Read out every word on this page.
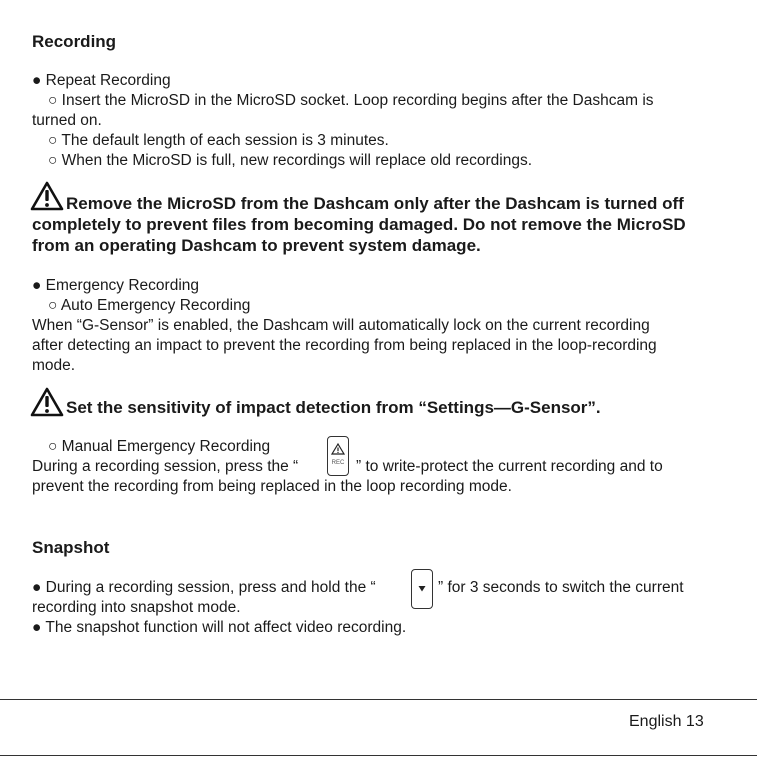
Recording
● Repeat Recording
○ Insert the MicroSD in the MicroSD socket. Loop recording begins after the Dashcam is
turned on.
○ The default length of each session is 3 minutes.
○ When the MicroSD is full, new recordings will replace old recordings.
Remove the MicroSD from the Dashcam only after the Dashcam is turned off
completely to prevent files from becoming damaged. Do not remove the MicroSD
from an operating Dashcam to prevent system damage.
● Emergency Recording
○ Auto Emergency Recording
When “G-Sensor” is enabled, the Dashcam will automatically lock on the current recording
after detecting an impact to prevent the recording from being replaced in the loop-recording
mode.
Set the sensitivity of impact detection from “Settings—G-Sensor”.
○ Manual Emergency Recording
During a recording session, press the “	REC ” to write-protect the current recording and to
prevent the recording from being replaced in the loop recording mode.
Snapshot
● During a recording session, press and hold the “	” for 3 seconds to switch the current
recording into snapshot mode.
● The snapshot function will not affect video recording.
English 13
